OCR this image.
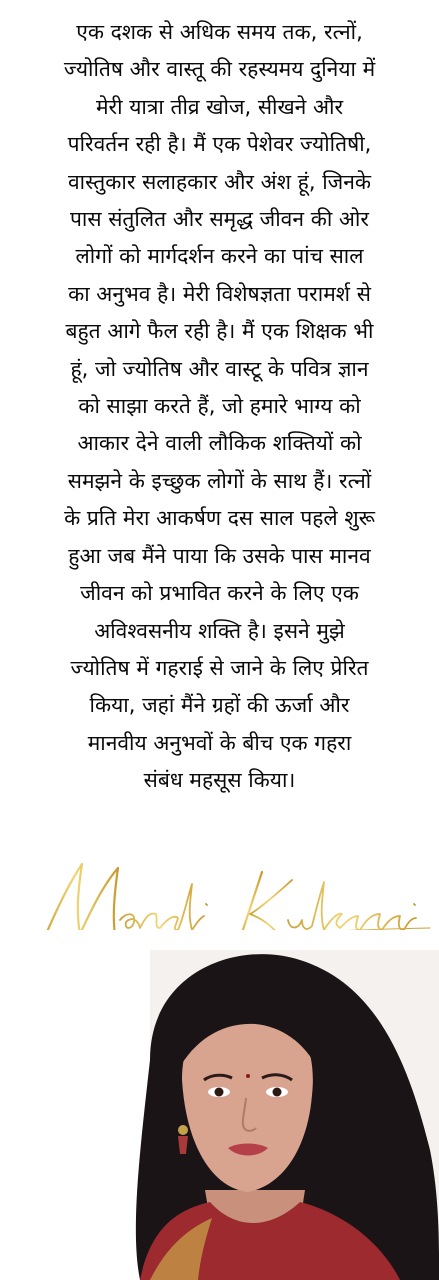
एक दशक से अधिक समय तक, रत्नों,
ज्योतिष और वास्तू की रहस्यमय दुनिया में
मेरी यात्रा तीव्र खोज, सीखने और
परिवर्तन रही है। मैं एक पेशेवर ज्योतिषी,
वास्तुकार सलाहकार और अंश हूं, जिनके
पास संतुलित और समृद्ध जीवन की ओर
लोगों को मार्गदर्शन करने का पांच साल
का अनुभव है। मेरी विशेषज्ञता परामर्श से
बहुत आगे फैल रही है। मैं एक शिक्षक भी
हूं, जो ज्योतिष और वास्टू के पवित्र ज्ञान
को साझा करते हैं, जो हमारे भाग्य को
आकार देने वाली लौकिक शक्तियों को
समझने के इच्छुक लोगों के साथ हैं। रत्नों
के प्रति मेरा आकर्षण दस साल पहले शुरू
हुआ जब मैंने पाया कि उसके पास मानव
जीवन को प्रभावित करने के लिए एक
अविश्वसनीय शक्ति है। इसने मुझे
ज्योतिष में गहराई से जाने के लिए प्रेरित
किया, जहां मैंने ग्रहों की ऊर्जा और
मानवीय अनुभवों के बीच एक गहरा
संबंध महसूस किया।
